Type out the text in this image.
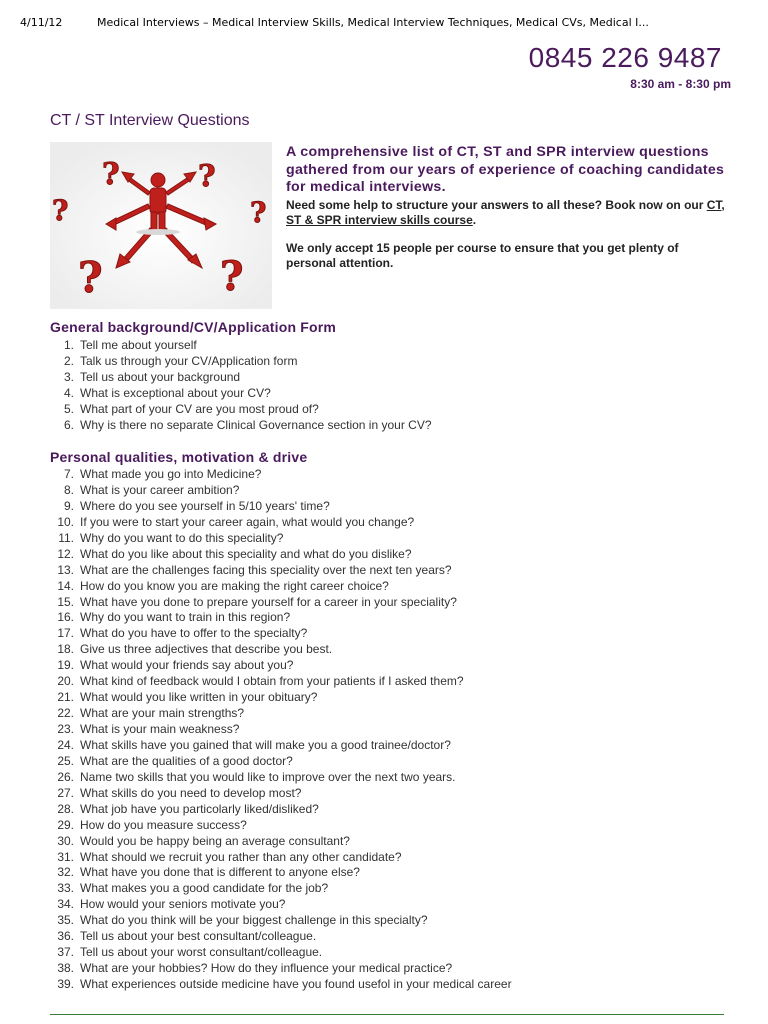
4/11/12	Medical Interviews – Medical Interview Skills, Medical Interview Techniques, Medical CVs, Medical I...
0845 226 9487
8:30 am - 8:30 pm
CT / ST Interview Questions
?	?
?	?
?	?

A comprehensive list of CT, ST and SPR interview questions gathered from our years of experience of coaching candidates for medical interviews.

Need some help to structure your answers to all these? Book now on our CT, ST & SPR interview skills course.

We only accept 15 people per course to ensure that you get plenty of personal attention.

General background/CV/Application Form
1. Tell me about yourself
2. Talk us through your CV/Application form
3. Tell us about your background
4. What is exceptional about your CV?
5. What part of your CV are you most proud of?
6. Why is there no separate Clinical Governance section in your CV?
Personal qualities, motivation & drive
7. What made you go into Medicine?
8. What is your career ambition?
9. Where do you see yourself in 5/10 years' time?
10. If you were to start your career again, what would you change?
11. Why do you want to do this speciality?
12. What do you like about this speciality and what do you dislike?
13. What are the challenges facing this speciality over the next ten years?
14. How do you know you are making the right career choice?
15. What have you done to prepare yourself for a career in your speciality?
16. Why do you want to train in this region?
17. What do you have to offer to the specialty?
18. Give us three adjectives that describe you best.
19. What would your friends say about you?
20. What kind of feedback would I obtain from your patients if I asked them?
21. What would you like written in your obituary?
22. What are your main strengths?
23. What is your main weakness?
24. What skills have you gained that will make you a good trainee/doctor?
25. What are the qualities of a good doctor?
26. Name two skills that you would like to improve over the next two years.
27. What skills do you need to develop most?
28. What job have you particolarly liked/disliked?
29. How do you measure success?
30. Would you be happy being an average consultant?
31. What should we recruit you rather than any other candidate?
32. What have you done that is different to anyone else?
33. What makes you a good candidate for the job?
34. How would your seniors motivate you?
35. What do you think will be your biggest challenge in this specialty?
36. Tell us about your best consultant/colleague.
37. Tell us about your worst consultant/colleague.
38. What are your hobbies? How do they influence your medical practice?
39. What experiences outside medicine have you found usefol in your medical career
